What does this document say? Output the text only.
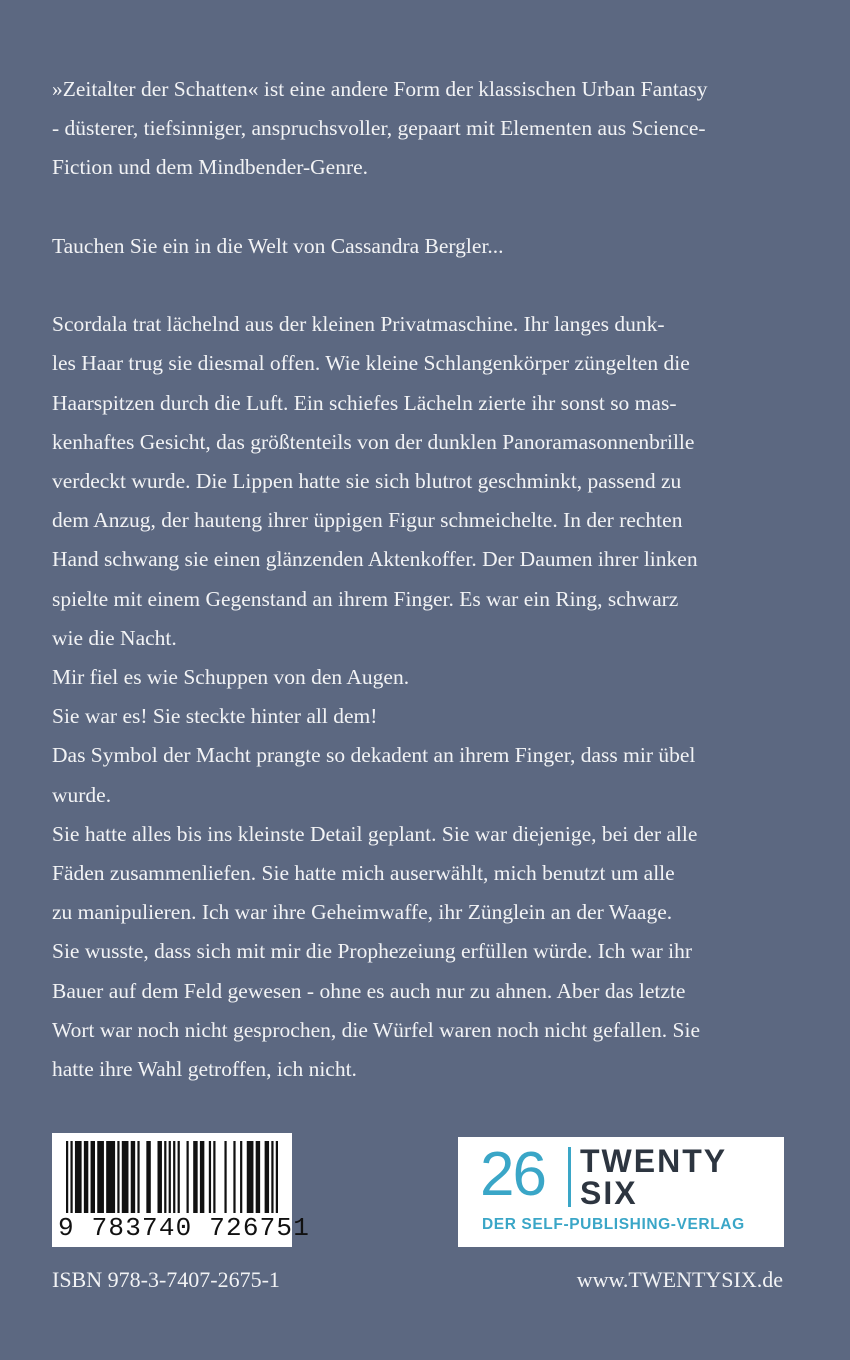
»Zeitalter der Schatten« ist eine andere Form der klassischen Urban Fantasy
- düsterer, tiefsinniger, anspruchsvoller, gepaart mit Elementen aus Science-
Fiction und dem Mindbender-Genre.
Tauchen Sie ein in die Welt von Cassandra Bergler...
Scordala trat lächelnd aus der kleinen Privatmaschine. Ihr langes dunk-
les Haar trug sie diesmal offen. Wie kleine Schlangenkörper züngelten die
Haarspitzen durch die Luft. Ein schiefes Lächeln zierte ihr sonst so mas-
kenhaftes Gesicht, das größtenteils von der dunklen Panoramasonnenbrille
verdeckt wurde. Die Lippen hatte sie sich blutrot geschminkt, passend zu
dem Anzug, der hauteng ihrer üppigen Figur schmeichelte. In der rechten
Hand schwang sie einen glänzenden Aktenkoffer. Der Daumen ihrer linken
spielte mit einem Gegenstand an ihrem Finger. Es war ein Ring, schwarz
wie die Nacht.
Mir fiel es wie Schuppen von den Augen.
Sie war es! Sie steckte hinter all dem!
Das Symbol der Macht prangte so dekadent an ihrem Finger, dass mir übel
wurde.
Sie hatte alles bis ins kleinste Detail geplant. Sie war diejenige, bei der alle
Fäden zusammenliefen. Sie hatte mich auserwählt, mich benutzt um alle
zu manipulieren. Ich war ihre Geheimwaffe, ihr Zünglein an der Waage.
Sie wusste, dass sich mit mir die Prophezeiung erfüllen würde. Ich war ihr
Bauer auf dem Feld gewesen - ohne es auch nur zu ahnen. Aber das letzte
Wort war noch nicht gesprochen, die Würfel waren noch nicht gefallen. Sie
hatte ihre Wahl getroffen, ich nicht.
9 783740 726751
26 TWENTY
SIX
DER SELF-PUBLISHING-VERLAG
ISBN 978-3-7407-2675-1	www.TWENTYSIX.de
